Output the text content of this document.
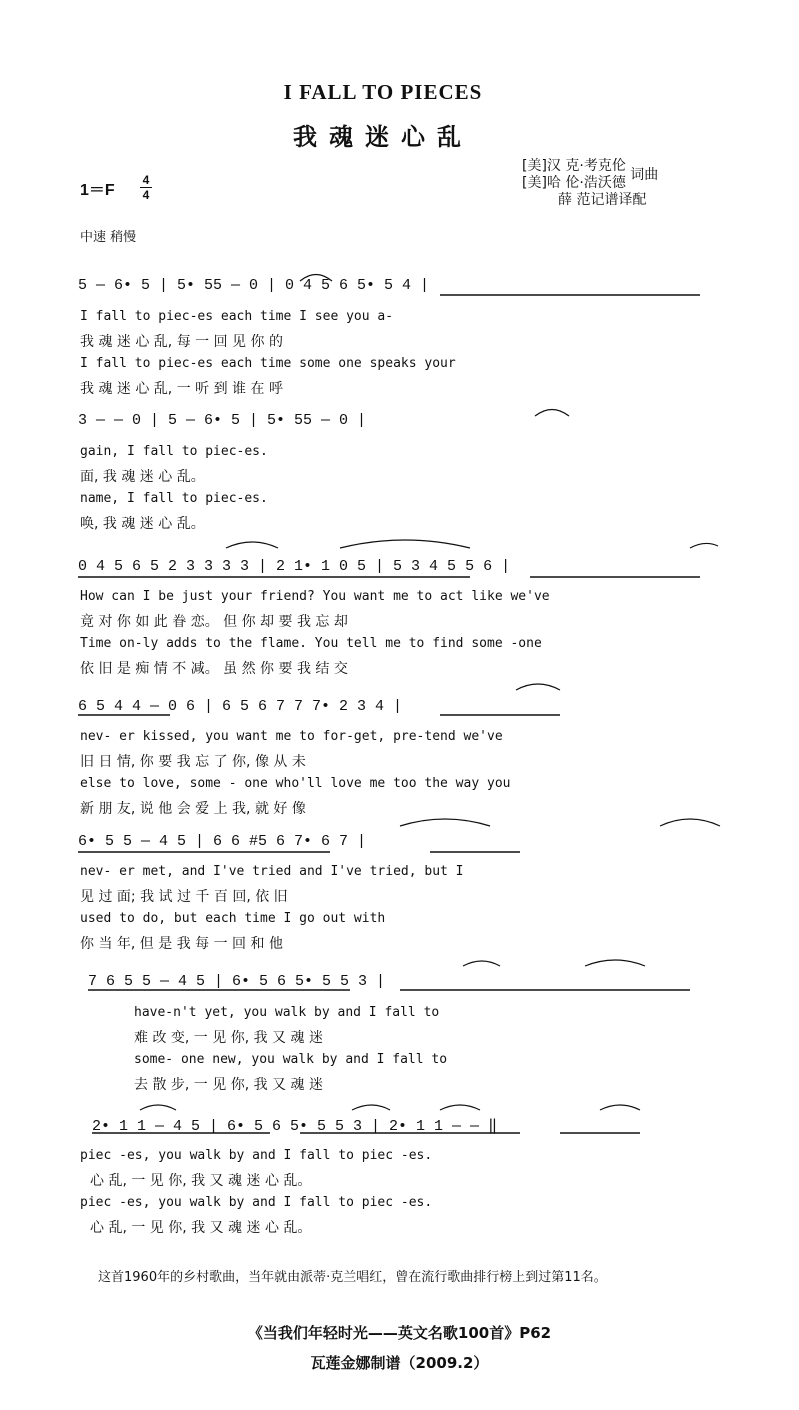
I FALL TO PIECES
我魂迷心乱
1＝F
4
4
[美]汉 克·考克伦
[美]哈 伦·浩沃德 词曲
薛 范记谱译配
中速 稍慢
5 — 6• 5 | 5• 55 — 0 | 0 4 5 6 5• 5 4 |
I fall to piec-es each time I see you a-
我 魂 迷 心 乱, 每 一 回 见 你 的
I fall to piec-es each time some one speaks your
我 魂 迷 心 乱, 一 听 到 谁 在 呼
3 — — 0 | 5 — 6• 5 | 5• 55 — 0 |
gain, I fall to piec-es.
面, 我 魂 迷 心 乱。
name, I fall to piec-es.
唤, 我 魂 迷 心 乱。
0 4 5 6 5 2 3 3 3 3 | 2 1• 1 0 5 | 5 3 4 5 5 6 |
How can I be just your friend? You want me to act like we've
竟 对 你 如 此 眷 恋。 但 你 却 要 我 忘 却
Time on-ly adds to the flame. You tell me to find some -one
依 旧 是 痴 情 不 减。 虽 然 你 要 我 结 交
6 5 4 4 — 0 6 | 6 5 6 7 7 7• 2 3 4 |
nev- er kissed, you want me to for-get, pre-tend we've
旧 日 情, 你 要 我 忘 了 你, 像 从 未
else to love, some - one who'll love me too the way you
新 朋 友, 说 他 会 爱 上 我, 就 好 像
6• 5 5 — 4 5 | 6 6 #5 6 7• 6 7 |
nev- er met, and I've tried and I've tried, but I
见 过 面; 我 试 过 千 百 回, 依 旧
used to do, but each time I go out with
你 当 年, 但 是 我 每 一 回 和 他
7 6 5 5 — 4 5 | 6• 5 6 5• 5 5 3 |
have-n't yet, you walk by and I fall to
难 改 变, 一 见 你, 我 又 魂 迷
some- one new, you walk by and I fall to
去 散 步, 一 见 你, 我 又 魂 迷
2• 1 1 — 4 5 | 6• 5 6 5• 5 5 3 | 2• 1 1 — — ‖
piec -es, you walk by and I fall to piec -es.
心 乱, 一 见 你, 我 又 魂 迷 心 乱。
piec -es, you walk by and I fall to piec -es.
心 乱, 一 见 你, 我 又 魂 迷 心 乱。
这首1960年的乡村歌曲，当年就由派蒂·克兰唱红，曾在流行歌曲排行榜上到过第11名。
《当我们年轻时光——英文名歌100首》P62
瓦莲金娜制谱（2009.2）
